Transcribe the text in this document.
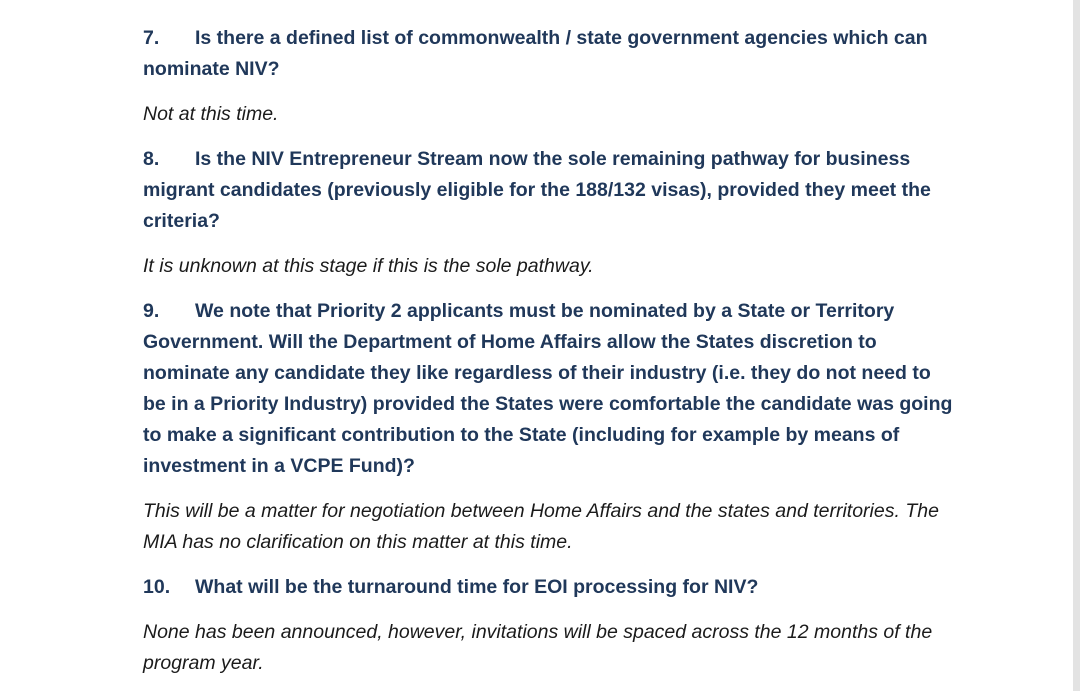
7. Is there a defined list of commonwealth / state government agencies which can nominate NIV?

Not at this time.

8. Is the NIV Entrepreneur Stream now the sole remaining pathway for business migrant candidates (previously eligible for the 188/132 visas), provided they meet the criteria?

It is unknown at this stage if this is the sole pathway.

9. We note that Priority 2 applicants must be nominated by a State or Territory Government. Will the Department of Home Affairs allow the States discretion to nominate any candidate they like regardless of their industry (i.e. they do not need to be in a Priority Industry) provided the States were comfortable the candidate was going to make a significant contribution to the State (including for example by means of investment in a VCPE Fund)?

This will be a matter for negotiation between Home Affairs and the states and territories. The MIA has no clarification on this matter at this time.

10. What will be the turnaround time for EOI processing for NIV?

None has been announced, however, invitations will be spaced across the 12 months of the program year.
